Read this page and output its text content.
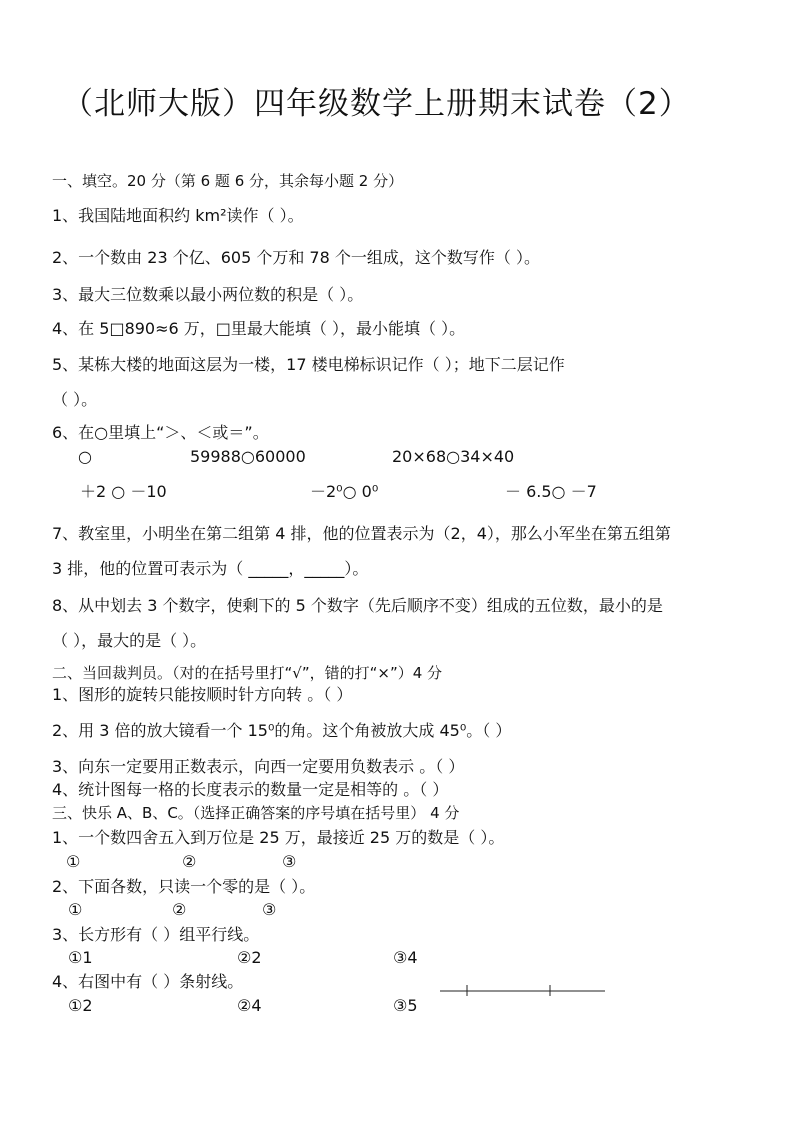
（北师大版）四年级数学上册期末试卷（2）
一、填空。20 分（第 6 题 6 分，其余每小题 2 分）
1、我国陆地面积约 km²读作（ ）。
2、一个数由 23 个亿、605 个万和 78 个一组成，这个数写作（ ）。
3、最大三位数乘以最小两位数的积是（ ）。
4、在 5□890≈6 万，□里最大能填（ ），最小能填（ ）。
5、某栋大楼的地面这层为一楼，17 楼电梯标识记作（ ）；地下二层记作
（ ）。
6、在○里填上“＞、＜或＝”。
○	59988○60000	20×68○34×40
＋2 ○ －10	－2⁰○ 0⁰	－ 6.5○ －7
7、教室里，小明坐在第二组第 4 排，他的位置表示为（2，4），那么小军坐在第五组第
3 排，他的位置可表示为（ _____，_____）。
8、从中划去 3 个数字，使剩下的 5 个数字（先后顺序不变）组成的五位数，最小的是
（ ），最大的是（ ）。
二、当回裁判员。（对的在括号里打“√”，错的打“×”）4 分
1、图形的旋转只能按顺时针方向转 。（ ）
2、用 3 倍的放大镜看一个 15⁰的角。这个角被放大成 45⁰。（ ）
3、向东一定要用正数表示，向西一定要用负数表示 。（ ）
4、统计图每一格的长度表示的数量一定是相等的 。（ ）
三、快乐 A、B、C。（选择正确答案的序号填在括号里） 4 分
1、一个数四舍五入到万位是 25 万，最接近 25 万的数是（ ）。
①	②	③
2、下面各数，只读一个零的是（ ）。
①	②	③
3、长方形有（ ）组平行线。
①1	②2	③4
4、右图中有（ ）条射线。
①2	②4	③5
